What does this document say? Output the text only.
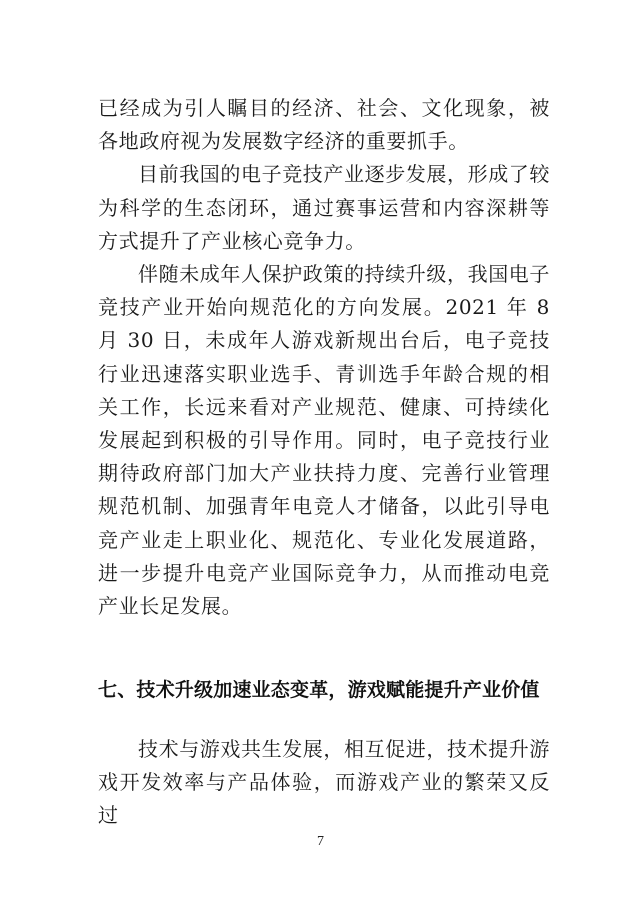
已经成为引人瞩目的经济、社会、文化现象，被各地政府视为发展数字经济的重要抓手。

目前我国的电子竞技产业逐步发展，形成了较为科学的生态闭环，通过赛事运营和内容深耕等方式提升了产业核心竞争力。

伴随未成年人保护政策的持续升级，我国电子竞技产业开始向规范化的方向发展。2021 年 8 月 30 日，未成年人游戏新规出台后，电子竞技行业迅速落实职业选手、青训选手年龄合规的相关工作，长远来看对产业规范、健康、可持续化发展起到积极的引导作用。同时，电子竞技行业期待政府部门加大产业扶持力度、完善行业管理规范机制、加强青年电竞人才储备，以此引导电竞产业走上职业化、规范化、专业化发展道路，进一步提升电竞产业国际竞争力，从而推动电竞产业长足发展。

七、技术升级加速业态变革，游戏赋能提升产业价值

技术与游戏共生发展，相互促进，技术提升游戏开发效率与产品体验，而游戏产业的繁荣又反过

7
